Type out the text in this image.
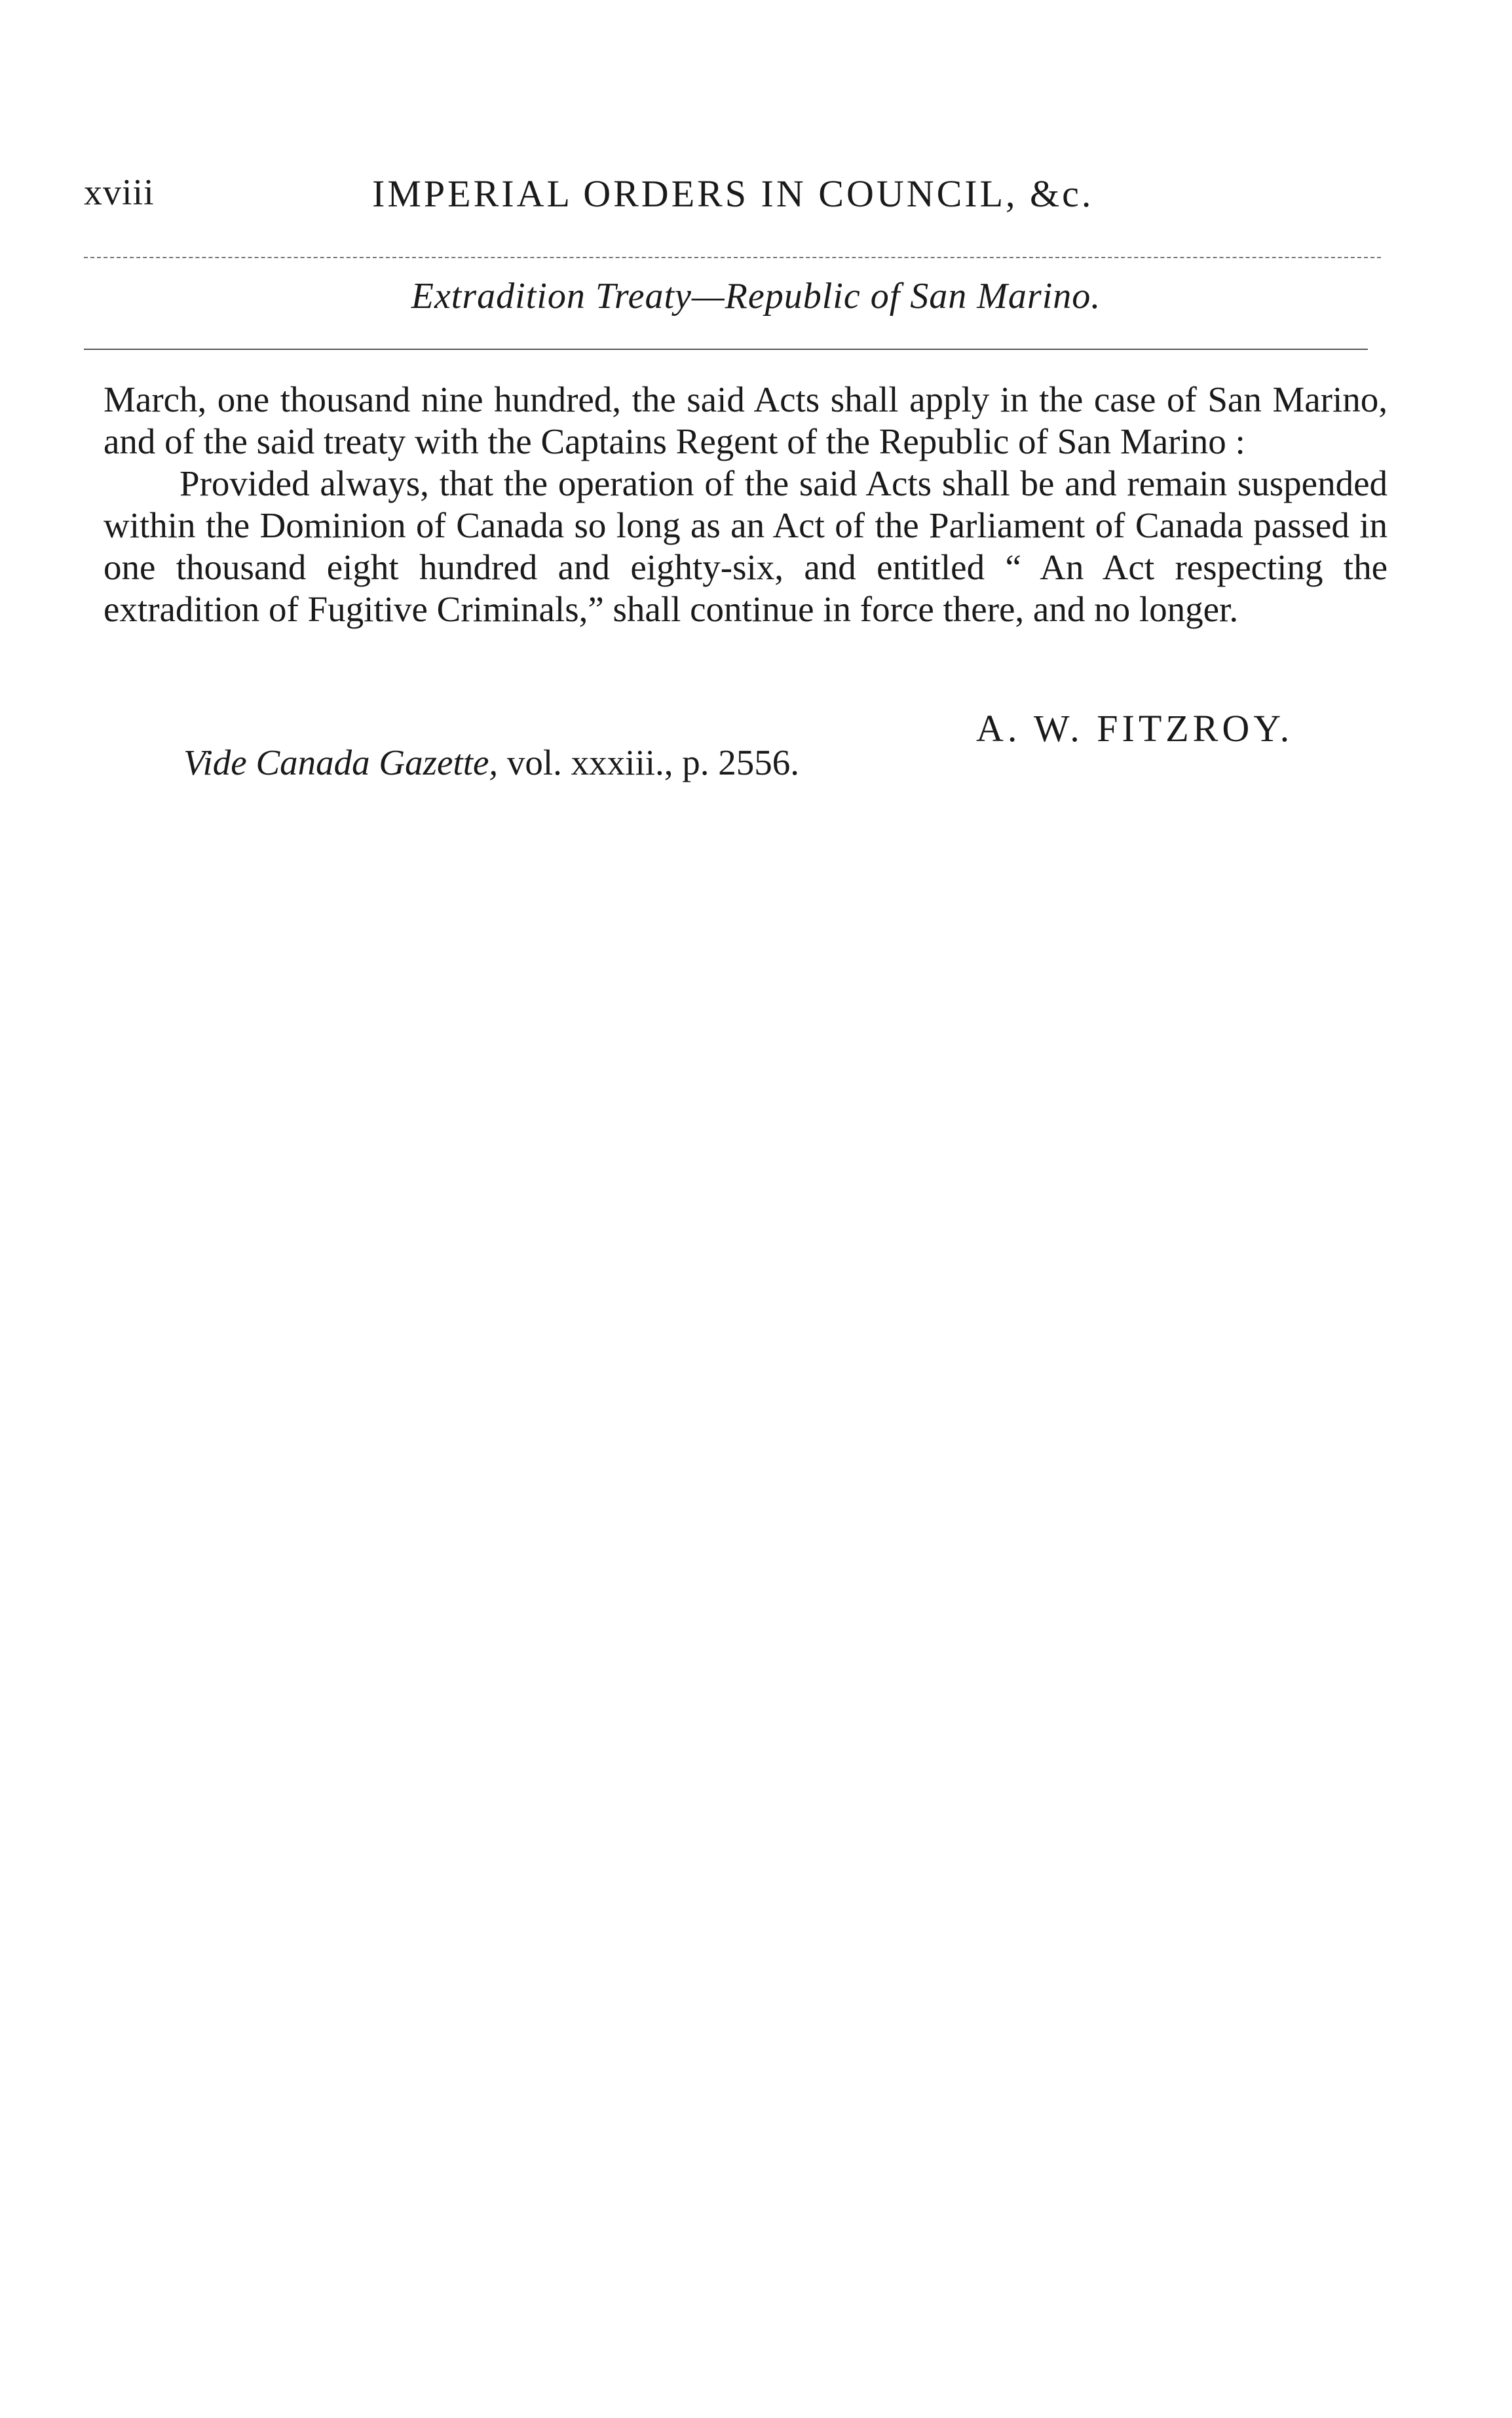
xviii	IMPERIAL ORDERS IN COUNCIL, &c.
Extradition Treaty—Republic of San Marino.

March, one thousand nine hundred, the said Acts shall apply in the case of San Marino, and of the said treaty with the Captains Regent of the Republic of San Marino :

Provided always, that the operation of the said Acts shall be and remain suspended within the Dominion of Canada so long as an Act of the Parliament of Canada passed in one thousand eight hundred and eighty-six, and entitled “ An Act respecting the extradition of Fugitive Criminals,” shall continue in force there, and no longer.

A. W. FITZROY.
Vide Canada Gazette, vol. xxxiii., p. 2556.
